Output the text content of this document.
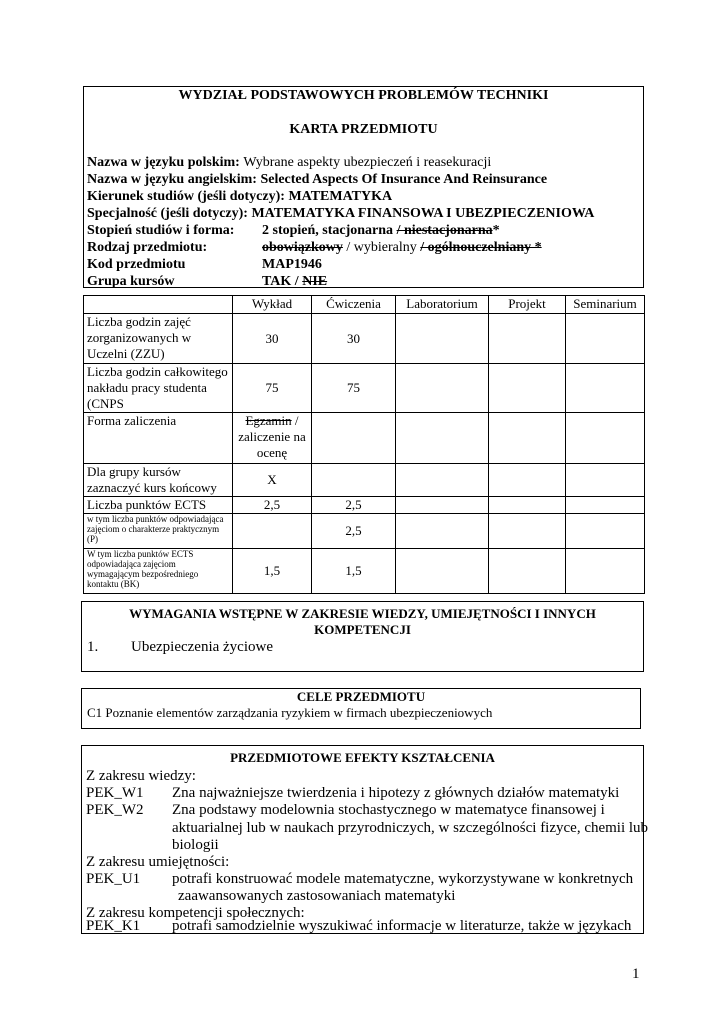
WYDZIAŁ PODSTAWOWYCH PROBLEMÓW TECHNIKI
KARTA PRZEDMIOTU
Nazwa w języku polskim: Wybrane aspekty ubezpieczeń i reasekuracji
Nazwa w języku angielskim: Selected Aspects Of Insurance And Reinsurance
Kierunek studiów (jeśli dotyczy): MATEMATYKA
Specjalność (jeśli dotyczy): MATEMATYKA FINANSOWA I UBEZPIECZENIOWA
Stopień studiów i forma: 2 stopień, stacjonarna / niestacjonarna*
Rodzaj przedmiotu:	obowiązkowy / wybieralny / ogólnouczelniany *
Kod przedmiotu	MAP1946
Grupa kursów	TAK / NIE
	Wykład	Ćwiczenia	Laboratorium	Projekt	Seminarium
Liczba godzin zajęć zorganizowanych w Uczelni (ZZU)	30	30			
Liczba godzin całkowitego nakładu pracy studenta (CNPS	75	75			
Forma zaliczenia	Egzamin / zaliczenie na ocenę				
Dla grupy kursów zaznaczyć kurs końcowy	X				
Liczba punktów ECTS	2,5	2,5			
w tym liczba punktów odpowiadająca zajęciom o charakterze praktycznym (P)		2,5			
W tym liczba punktów ECTS odpowiadająca zajęciom wymagającym bezpośredniego kontaktu (BK)	1,5	1,5			
WYMAGANIA WSTĘPNE W ZAKRESIE WIEDZY, UMIEJĘTNOŚCI I INNYCH KOMPETENCJI
1. Ubezpieczenia życiowe
CELE PRZEDMIOTU
C1 Poznanie elementów zarządzania ryzykiem w firmach ubezpieczeniowych
PRZEDMIOTOWE EFEKTY KSZTAŁCENIA
Z zakresu wiedzy:
PEK_W1 Zna najważniejsze twierdzenia i hipotezy z głównych działów matematyki
PEK_W2 Zna podstawy modelownia stochastycznego w matematyce finansowej i
aktuarialnej lub w naukach przyrodniczych, w szczególności fizyce, chemii lub
biologii
Z zakresu umiejętności:
PEK_U1 potrafi konstruować modele matematyczne, wykorzystywane w konkretnych
zaawansowanych zastosowaniach matematyki
Z zakresu kompetencji społecznych:
PEK_K1 potrafi samodzielnie wyszukiwać informacje w literaturze, także w językach
1
